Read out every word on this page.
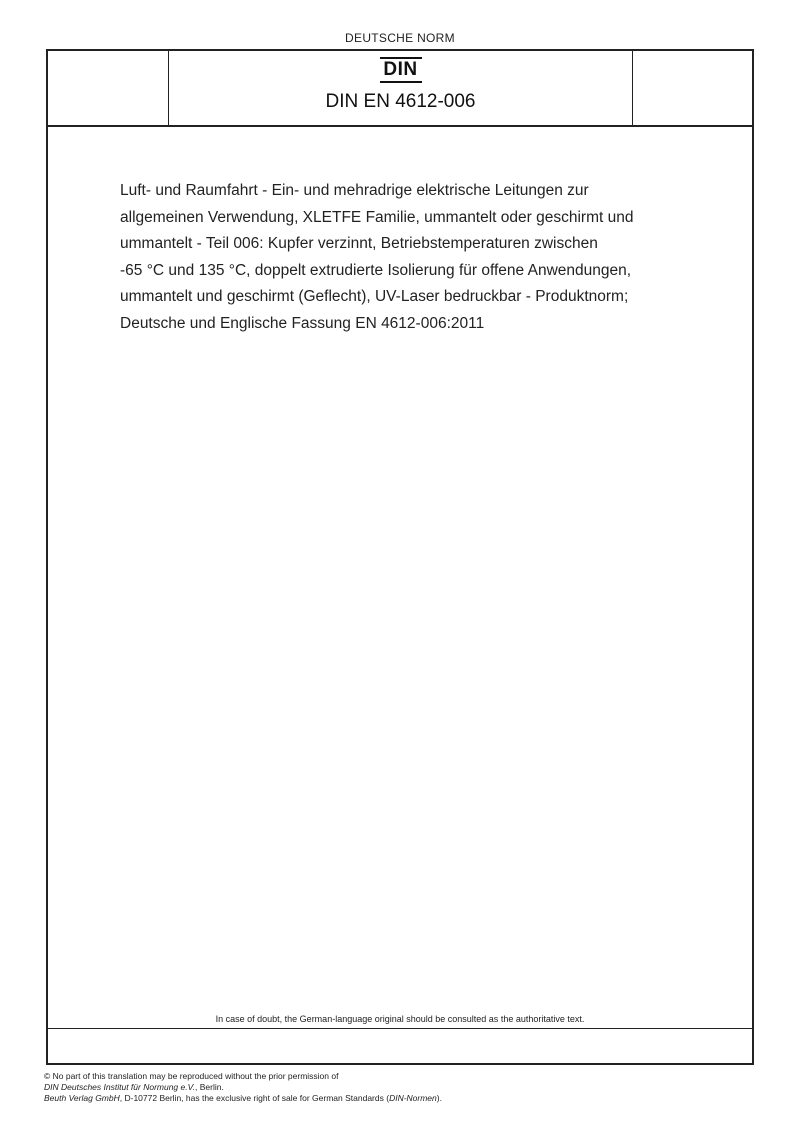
DEUTSCHE NORM
DIN
DIN EN 4612-006
Luft- und Raumfahrt - Ein- und mehradrige elektrische Leitungen zur
allgemeinen Verwendung, XLETFE Familie, ummantelt oder geschirmt und
ummantelt - Teil 006: Kupfer verzinnt, Betriebstemperaturen zwischen
-65 °C und 135 °C, doppelt extrudierte Isolierung für offene Anwendungen,
ummantelt und geschirmt (Geflecht), UV-Laser bedruckbar - Produktnorm;
Deutsche und Englische Fassung EN 4612-006:2011
In case of doubt, the German-language original should be consulted as the authoritative text.
© No part of this translation may be reproduced without the prior permission of
DIN Deutsches Institut für Normung e.V., Berlin.
Beuth Verlag GmbH, D-10772 Berlin, has the exclusive right of sale for German Standards (DIN-Normen).
